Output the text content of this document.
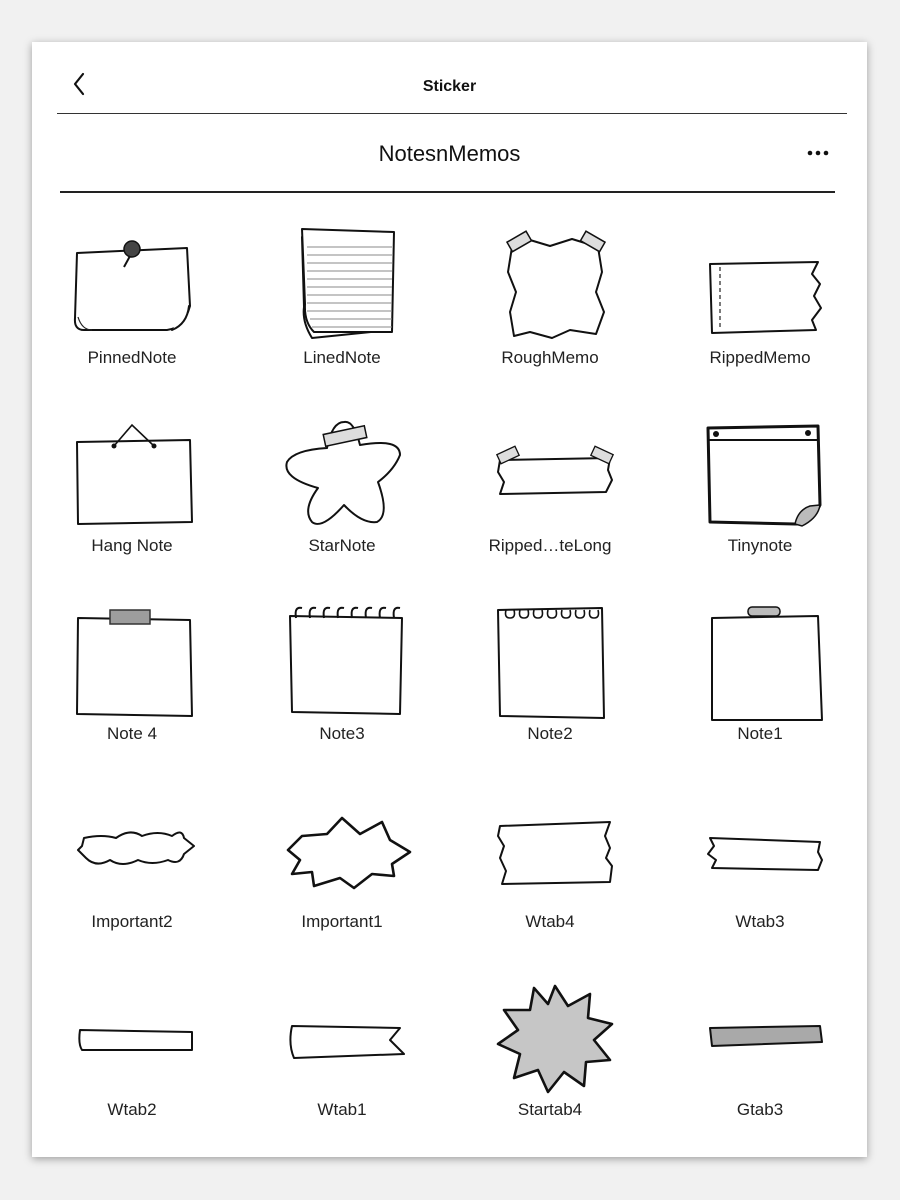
Sticker
NotesnMemos
PinnedNote	LinedNote	RoughMemo	RippedMemo
Hang Note	StarNote	Ripped…teLong	Tinynote
Note 4	Note3	Note2	Note1
Important2	Important1	Wtab4	Wtab3
Wtab2	Wtab1	Startab4	Gtab3
